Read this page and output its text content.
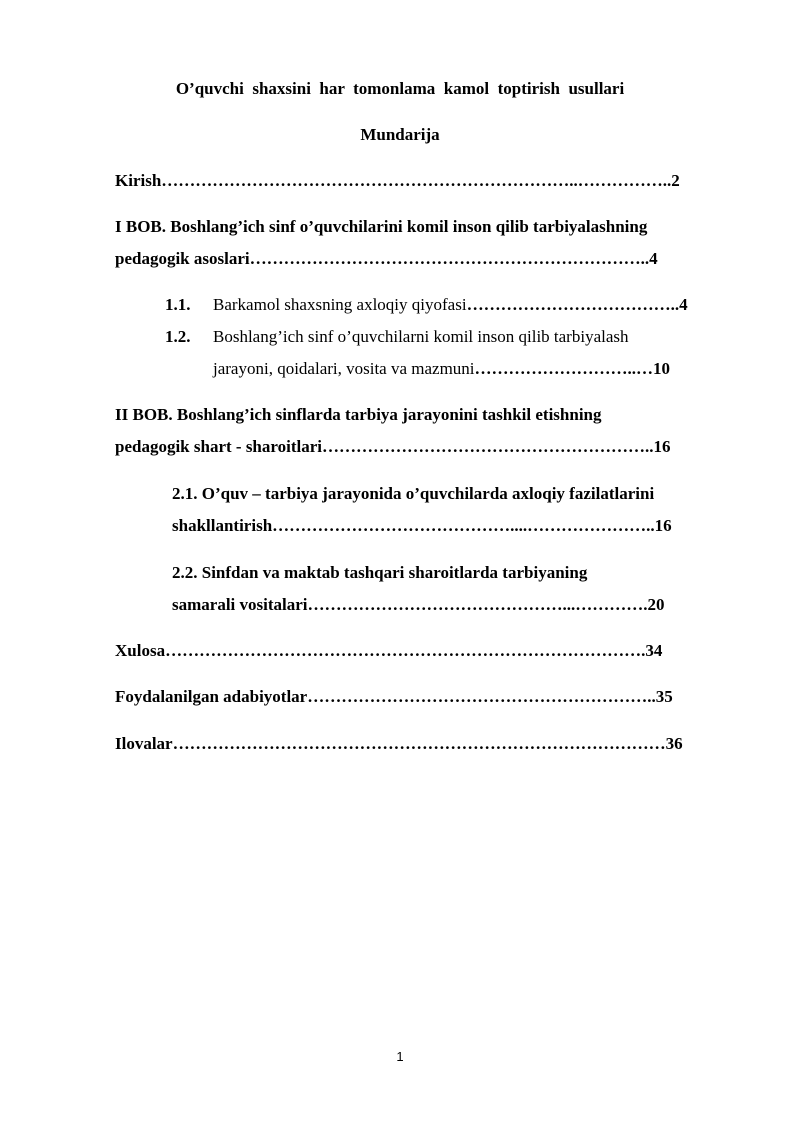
O’quvchi  shaxsini  har  tomonlama  kamol  toptirish  usullari
Mundarija
Kirish………………………………………………………………..……………..2
I BOB. Boshlang’ich sinf o’quvchilarini komil inson qilib tarbiyalashning
pedagogik asoslari……………………………………………………………..4
1.1. Barkamol shaxsning axloqiy qiyofasi………………………………..4
1.2. Boshlang’ich sinf o’quvchilarni komil inson qilib tarbiyalash
jarayoni, qoidalari, vosita va mazmuni………………………..…10
II BOB. Boshlang’ich sinflarda tarbiya jarayonini tashkil etishning
pedagogik shart - sharoitlari…………………………………………………..16
2.1. O’quv – tarbiya jarayonida o’quvchilarda axloqiy fazilatlarini
shakllantirish……………………………………....…………………..16
2.2. Sinfdan va maktab tashqari sharoitlarda tarbiyaning
samarali vositalari………………………………………...………….20
Xulosa………………………………………………………………………….34
Foydalanilgan adabiyotlar……………………………………………………..35
Ilovalar……………………………………………………………………………36
1
